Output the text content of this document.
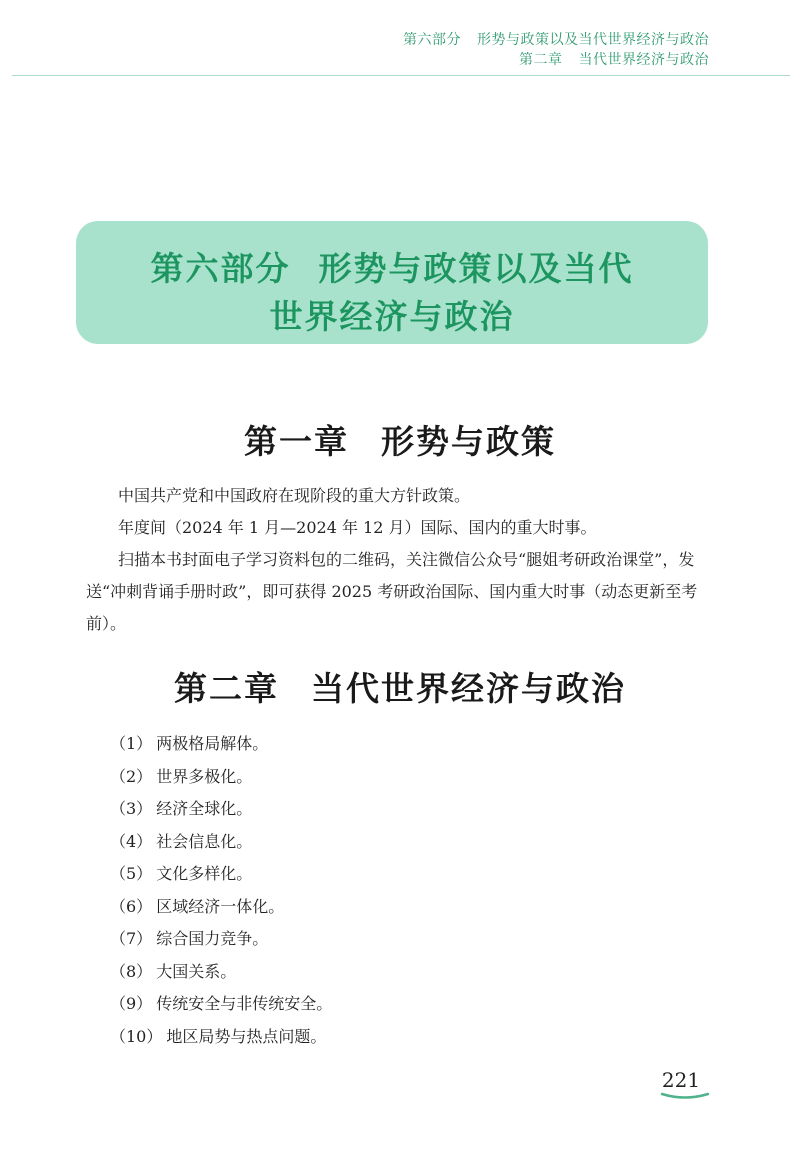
第六部分 形势与政策以及当代世界经济与政治
第二章 当代世界经济与政治
第六部分 形势与政策以及当代
世界经济与政治
第一章 形势与政策
中国共产党和中国政府在现阶段的重大方针政策。
年度间（2024 年 1 月—2024 年 12 月）国际、国内的重大时事。
扫描本书封面电子学习资料包的二维码，关注微信公众号“腿姐考研政治课堂”，发送“冲刺背诵手册时政”，即可获得 2025 考研政治国际、国内重大时事（动态更新至考前）。
第二章 当代世界经济与政治
（1） 两极格局解体。
（2） 世界多极化。
（3） 经济全球化。
（4） 社会信息化。
（5） 文化多样化。
（6） 区域经济一体化。
（7） 综合国力竞争。
（8） 大国关系。
（9） 传统安全与非传统安全。
（10） 地区局势与热点问题。
221
